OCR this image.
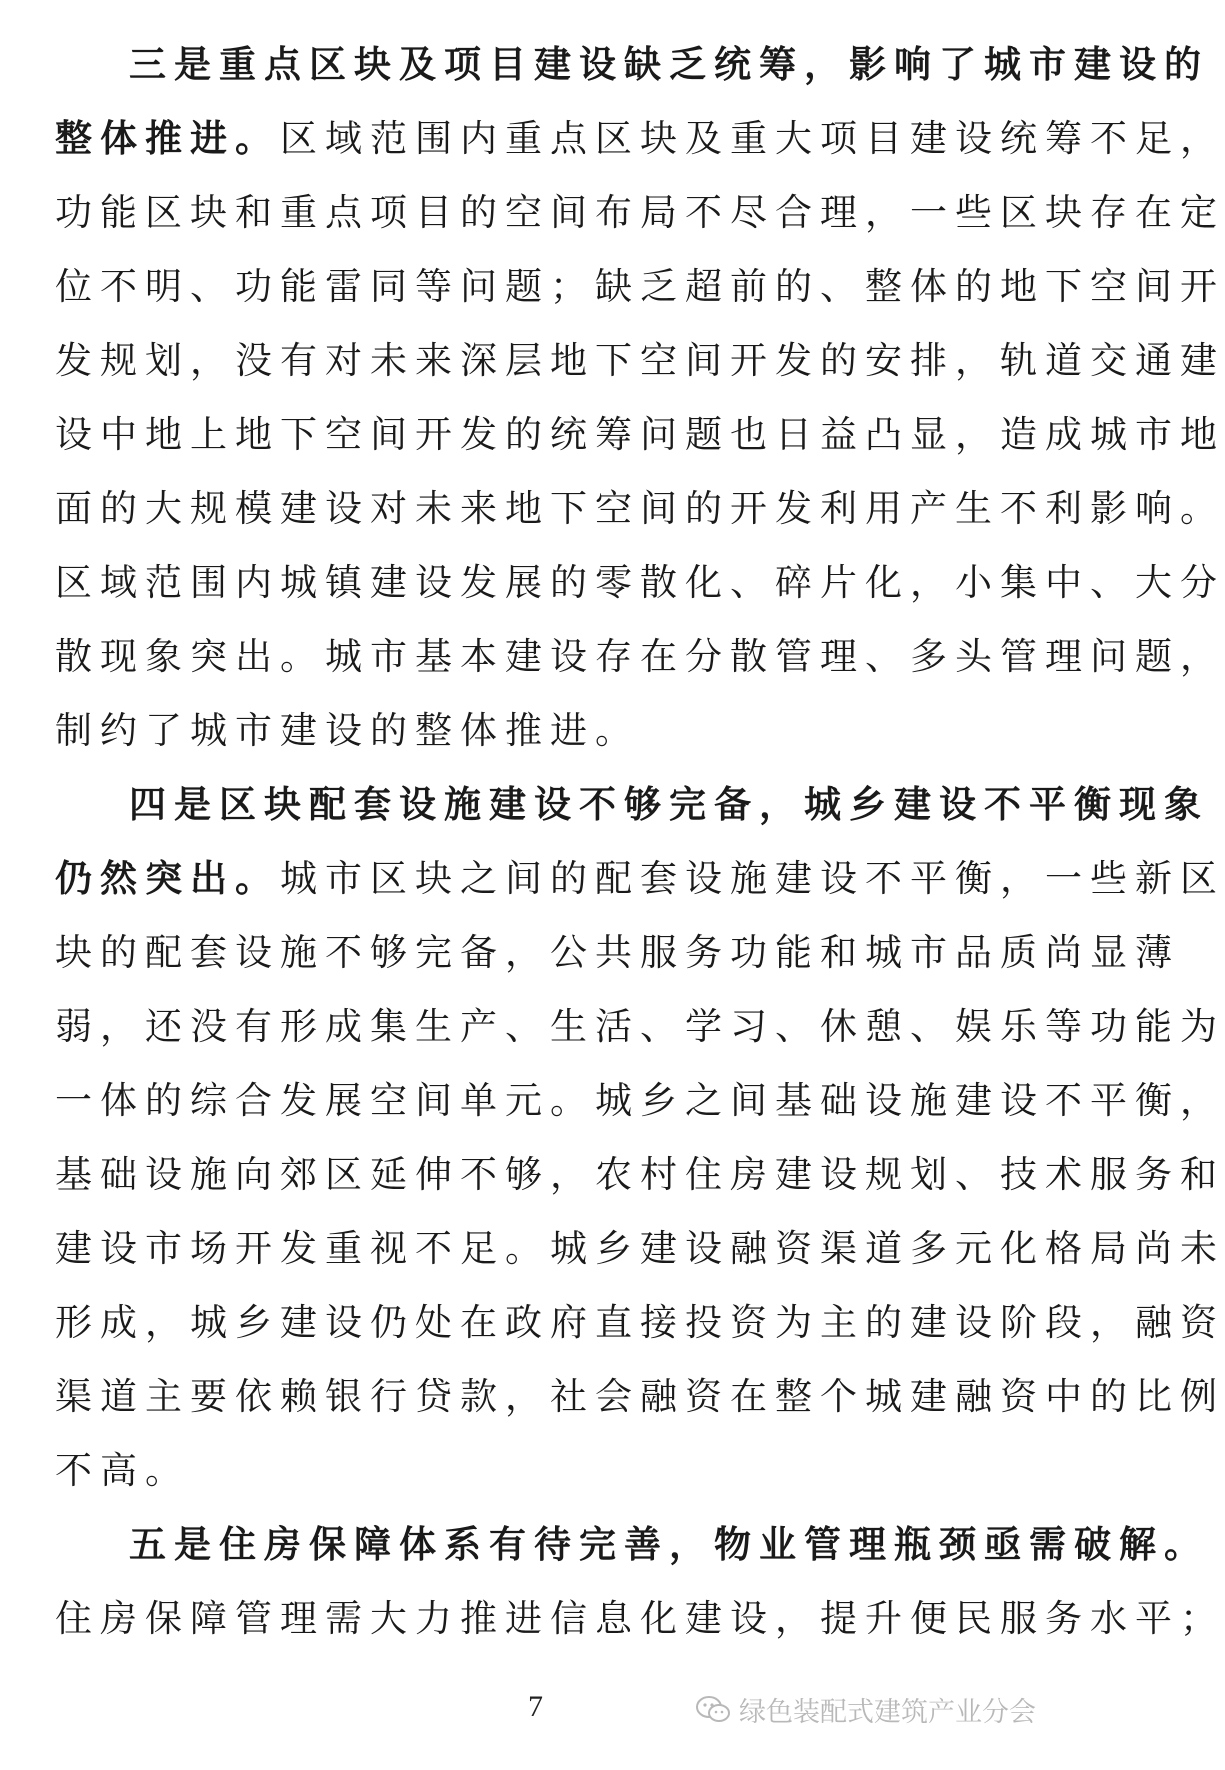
三是重点区块及项目建设缺乏统筹，影响了城市建设的
整体推进。区域范围内重点区块及重大项目建设统筹不足，
功能区块和重点项目的空间布局不尽合理，一些区块存在定
位不明、功能雷同等问题；缺乏超前的、整体的地下空间开
发规划，没有对未来深层地下空间开发的安排，轨道交通建
设中地上地下空间开发的统筹问题也日益凸显，造成城市地
面的大规模建设对未来地下空间的开发利用产生不利影响。
区域范围内城镇建设发展的零散化、碎片化，小集中、大分
散现象突出。城市基本建设存在分散管理、多头管理问题，
制约了城市建设的整体推进。
四是区块配套设施建设不够完备，城乡建设不平衡现象
仍然突出。城市区块之间的配套设施建设不平衡，一些新区
块的配套设施不够完备，公共服务功能和城市品质尚显薄
弱，还没有形成集生产、生活、学习、休憩、娱乐等功能为
一体的综合发展空间单元。城乡之间基础设施建设不平衡，
基础设施向郊区延伸不够，农村住房建设规划、技术服务和
建设市场开发重视不足。城乡建设融资渠道多元化格局尚未
形成，城乡建设仍处在政府直接投资为主的建设阶段，融资
渠道主要依赖银行贷款，社会融资在整个城建融资中的比例
不高。
五是住房保障体系有待完善，物业管理瓶颈亟需破解。
住房保障管理需大力推进信息化建设，提升便民服务水平；
7	绿色装配式建筑产业分会
